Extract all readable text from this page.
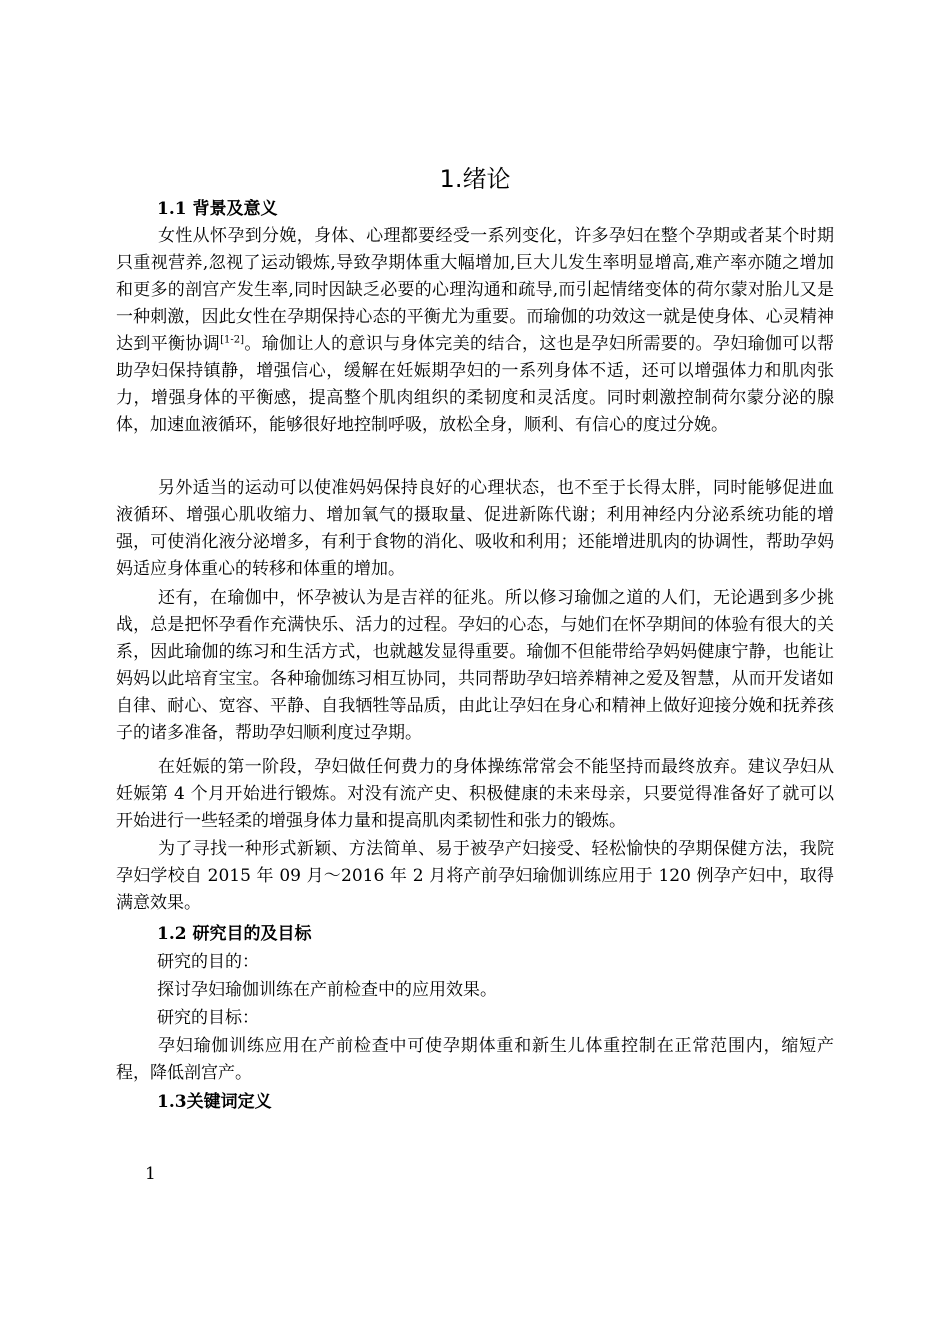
1.绪论
1.1 背景及意义

女性从怀孕到分娩，身体、心理都要经受一系列变化，许多孕妇在整个孕期或者某个时期只重视营养,忽视了运动锻炼,导致孕期体重大幅增加,巨大儿发生率明显增高,难产率亦随之增加和更多的剖宫产发生率,同时因缺乏必要的心理沟通和疏导,而引起情绪变体的荷尔蒙对胎儿又是一种刺激，因此女性在孕期保持心态的平衡尤为重要。而瑜伽的功效这一就是使身体、心灵精神达到平衡协调[1-2]。瑜伽让人的意识与身体完美的结合，这也是孕妇所需要的。孕妇瑜伽可以帮助孕妇保持镇静，增强信心，缓解在妊娠期孕妇的一系列身体不适，还可以增强体力和肌肉张力，增强身体的平衡感，提高整个肌肉组织的柔韧度和灵活度。同时刺激控制荷尔蒙分泌的腺体，加速血液循环，能够很好地控制呼吸，放松全身，顺利、有信心的度过分娩。

另外适当的运动可以使准妈妈保持良好的心理状态，也不至于长得太胖，同时能够促进血液循环、增强心肌收缩力、增加氧气的摄取量、促进新陈代谢；利用神经内分泌系统功能的增强，可使消化液分泌增多，有利于食物的消化、吸收和利用；还能增进肌肉的协调性，帮助孕妈妈适应身体重心的转移和体重的增加。

还有，在瑜伽中，怀孕被认为是吉祥的征兆。所以修习瑜伽之道的人们，无论遇到多少挑战，总是把怀孕看作充满快乐、活力的过程。孕妇的心态，与她们在怀孕期间的体验有很大的关系，因此瑜伽的练习和生活方式，也就越发显得重要。瑜伽不但能带给孕妈妈健康宁静，也能让妈妈以此培育宝宝。各种瑜伽练习相互协同，共同帮助孕妇培养精神之爱及智慧，从而开发诸如自律、耐心、宽容、平静、自我牺牲等品质，由此让孕妇在身心和精神上做好迎接分娩和抚养孩子的诸多准备，帮助孕妇顺利度过孕期。

在妊娠的第一阶段，孕妇做任何费力的身体操练常常会不能坚持而最终放弃。建议孕妇从妊娠第 4 个月开始进行锻炼。对没有流产史、积极健康的未来母亲，只要觉得准备好了就可以开始进行一些轻柔的增强身体力量和提高肌肉柔韧性和张力的锻炼。

为了寻找一种形式新颖、方法简单、易于被孕产妇接受、轻松愉快的孕期保健方法，我院孕妇学校自 2015 年 09 月～2016 年 2 月将产前孕妇瑜伽训练应用于 120 例孕产妇中，取得满意效果。

1.2 研究目的及目标
研究的目的：
探讨孕妇瑜伽训练在产前检查中的应用效果。
研究的目标：

孕妇瑜伽训练应用在产前检查中可使孕期体重和新生儿体重控制在正常范围内，缩短产程，降低剖宫产。

1.3关键词定义
1
